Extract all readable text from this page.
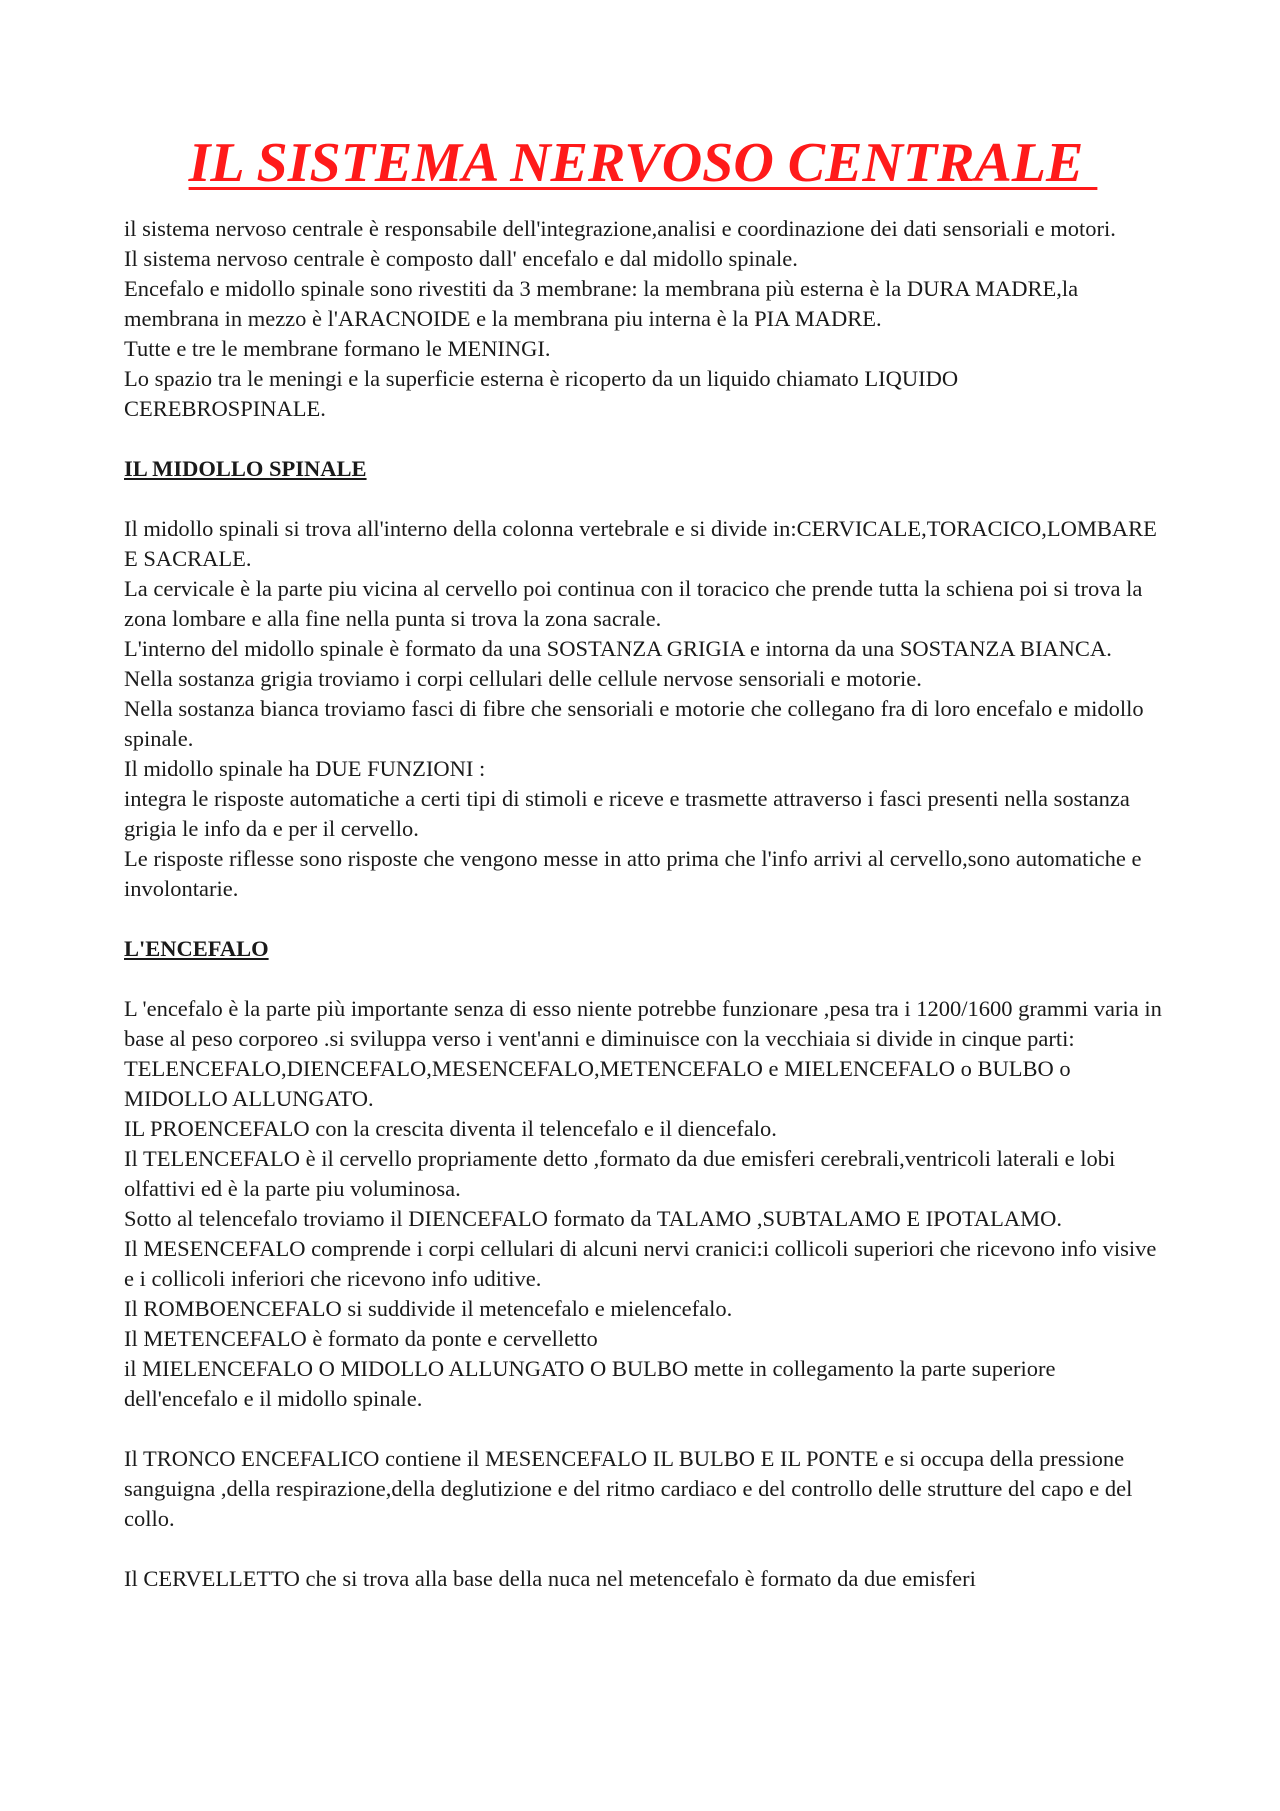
IL SISTEMA NERVOSO CENTRALE

il sistema nervoso centrale è responsabile dell'integrazione,analisi e coordinazione dei dati sensoriali e motori.

Il sistema nervoso centrale è composto dall' encefalo e dal midollo spinale.

Encefalo e midollo spinale sono rivestiti da 3 membrane: la membrana più esterna è la DURA MADRE,la membrana in mezzo è l'ARACNOIDE e la membrana piu interna è la PIA MADRE.

Tutte e tre le membrane formano le MENINGI.

Lo spazio tra le meningi e la superficie esterna è ricoperto da un liquido chiamato LIQUIDO CEREBROSPINALE.

IL MIDOLLO SPINALE

Il midollo spinali si trova all'interno della colonna vertebrale e si divide in:CERVICALE,TORACICO,LOMBARE E SACRALE.

La cervicale è la parte piu vicina al cervello poi continua con il toracico che prende tutta la schiena poi si trova la zona lombare e alla fine nella punta si trova la zona sacrale.

L'interno del midollo spinale è formato da una SOSTANZA GRIGIA e intorna da una SOSTANZA BIANCA.

Nella sostanza grigia troviamo i corpi cellulari delle cellule nervose sensoriali e motorie.

Nella sostanza bianca troviamo fasci di fibre che sensoriali e motorie che collegano fra di loro encefalo e midollo spinale.

Il midollo spinale ha DUE FUNZIONI :

integra le risposte automatiche a certi tipi di stimoli e riceve e trasmette attraverso i fasci presenti nella sostanza grigia le info da e per il cervello.

Le risposte riflesse sono risposte che vengono messe in atto prima che l'info arrivi al cervello,sono automatiche e involontarie.

L'ENCEFALO

L 'encefalo è la parte più importante senza di esso niente potrebbe funzionare ,pesa tra i 1200/1600 grammi varia in base al peso corporeo .si sviluppa verso i vent'anni e diminuisce con la vecchiaia si divide in cinque parti: TELENCEFALO,DIENCEFALO,MESENCEFALO,METENCEFALO e MIELENCEFALO o BULBO o MIDOLLO ALLUNGATO.

IL PROENCEFALO con la crescita diventa il telencefalo e il diencefalo.

Il TELENCEFALO è il cervello propriamente detto ,formato da due emisferi cerebrali,ventricoli laterali e lobi olfattivi ed è la parte piu voluminosa.

Sotto al telencefalo troviamo il DIENCEFALO formato da TALAMO ,SUBTALAMO E IPOTALAMO.

Il MESENCEFALO comprende i corpi cellulari di alcuni nervi cranici:i collicoli superiori che ricevono info visive e i collicoli inferiori che ricevono info uditive.

Il ROMBOENCEFALO si suddivide il metencefalo e mielencefalo.

Il METENCEFALO è formato da ponte e cervelletto

il MIELENCEFALO O MIDOLLO ALLUNGATO O BULBO mette in collegamento la parte superiore dell'encefalo e il midollo spinale.

Il TRONCO ENCEFALICO contiene il MESENCEFALO IL BULBO E IL PONTE e si occupa della pressione sanguigna ,della respirazione,della deglutizione e del ritmo cardiaco e del controllo delle strutture del capo e del collo.

Il CERVELLETTO che si trova alla base della nuca nel metencefalo è formato da due emisferi
